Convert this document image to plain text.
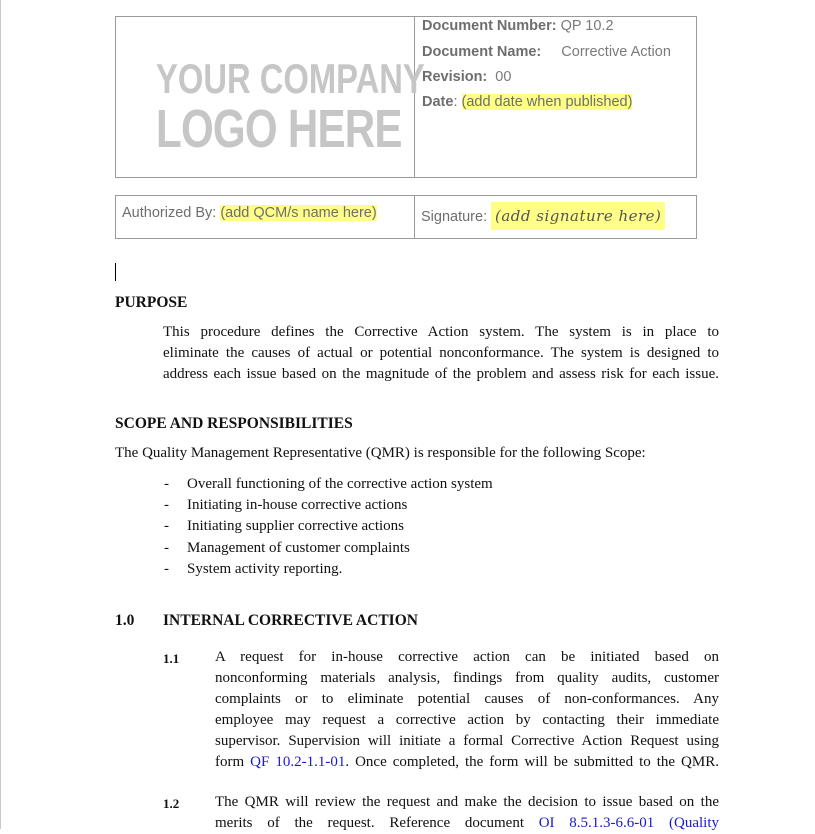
YOUR COMPANY
LOGO HERE
Document Number: QP 10.2
Document Name: Corrective Action
Revision: 00
Date: (add date when published)
Authorized By: (add QCM/s name here)	Signature: (add signature here)
PURPOSE
This procedure defines the Corrective Action system. The system is in place to
eliminate the causes of actual or potential nonconformance. The system is designed to
address each issue based on the magnitude of the problem and assess risk for each issue.
SCOPE AND RESPONSIBILITIES
The Quality Management Representative (QMR) is responsible for the following Scope:
- Overall functioning of the corrective action system
- Initiating in-house corrective actions
- Initiating supplier corrective actions
- Management of customer complaints
- System activity reporting.
1.0 INTERNAL CORRECTIVE ACTION
1.1 A request for in-house corrective action can be initiated based on
nonconforming materials analysis, findings from quality audits, customer
complaints or to eliminate potential causes of non-conformances. Any
employee may request a corrective action by contacting their immediate
supervisor. Supervision will initiate a formal Corrective Action Request using
form QF 10.2-1.1-01. Once completed, the form will be submitted to the QMR.
1.2 The QMR will review the request and make the decision to issue based on the
merits of the request. Reference document OI 8.5.1.3-6.6-01 (Quality
